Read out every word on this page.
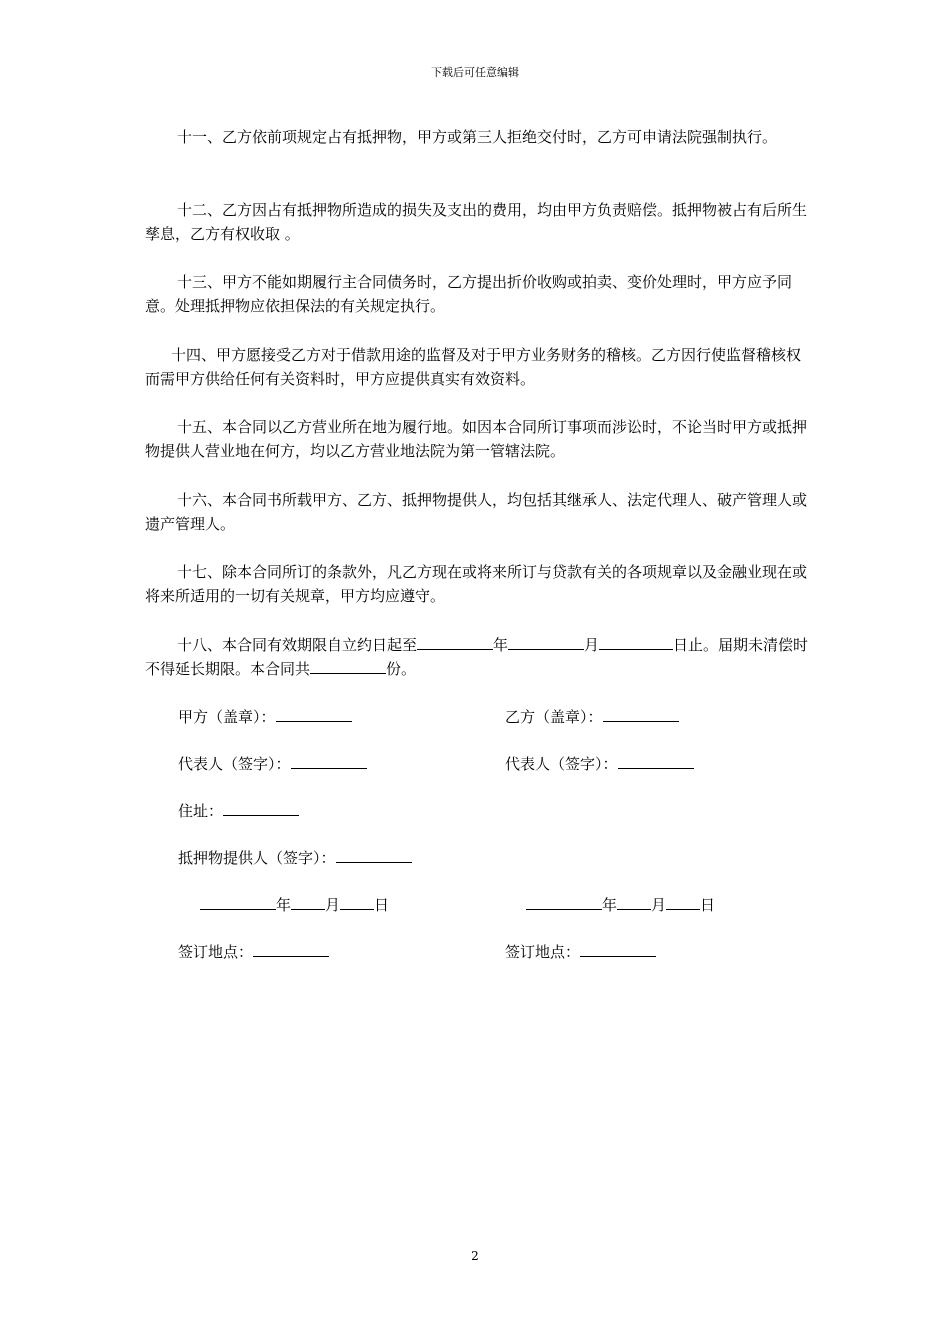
下载后可任意编辑

十一、乙方依前项规定占有抵押物，甲方或第三人拒绝交付时，乙方可申请法院强制执行。

十二、乙方因占有抵押物所造成的损失及支出的费用，均由甲方负责赔偿。抵押物被占有后所生孳息，乙方有权收取 。

十三、甲方不能如期履行主合同债务时，乙方提出折价收购或拍卖、变价处理时，甲方应予同意。处理抵押物应依担保法的有关规定执行。

十四、甲方愿接受乙方对于借款用途的监督及对于甲方业务财务的稽核。乙方因行使监督稽核权而需甲方供给任何有关资料时，甲方应提供真实有效资料。

十五、本合同以乙方营业所在地为履行地。如因本合同所订事项而涉讼时，不论当时甲方或抵押物提供人营业地在何方，均以乙方营业地法院为第一管辖法院。

十六、本合同书所载甲方、乙方、抵押物提供人，均包括其继承人、法定代理人、破产管理人或遗产管理人。

十七、除本合同所订的条款外，凡乙方现在或将来所订与贷款有关的各项规章以及金融业现在或将来所适用的一切有关规章，甲方均应遵守。

十八、本合同有效期限自立约日起至	年	月	日止。届期未清偿时不得延长期限。本合同共	份。

甲方（盖章）：	乙方（盖章）：
代表人（签字）：	代表人（签字）：
住址：
抵押物提供人（签字）：
年 月 日	年 月 日
签订地点：	签订地点：
2
